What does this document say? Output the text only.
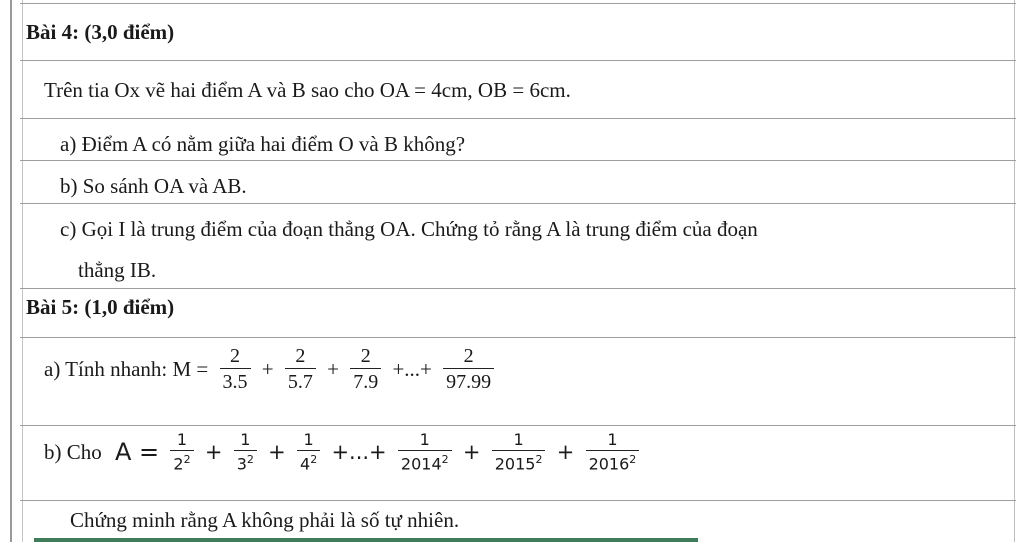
Bài 4: (3,0 điểm)
Trên tia Ox vẽ hai điểm A và B sao cho OA = 4cm, OB = 6cm.
a) Điểm A có nằm giữa hai điểm O và B không?
b) So sánh OA và AB.
c) Gọi I là trung điểm của đoạn thẳng OA. Chứng tỏ rằng A là trung điểm của đoạn
thẳng IB.
Bài 5: (1,0 điểm)
a) Tính nhanh: $M = \frac{2}{3.5} + \frac{2}{5.7} + \frac{2}{7.9}$ +...+ $\frac{2}{97.99}$
b) Cho $A = \frac{1}{2^2} + \frac{1}{3^2} + \frac{1}{4^2}$ +...+ $\frac{1}{2014^2} + \frac{1}{2015^2} + \frac{1}{2016^2}$
Chứng minh rằng A không phải là số tự nhiên.
